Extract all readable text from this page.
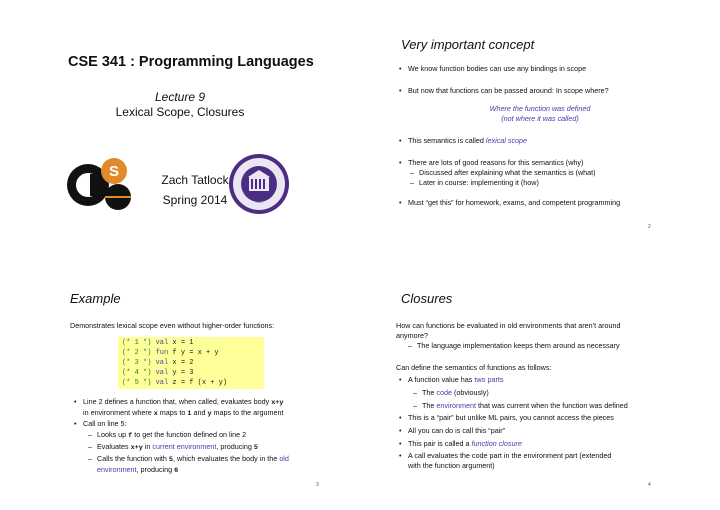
CSE 341 : Programming Languages
Lecture 9
Lexical Scope, Closures
S	Zach Tatlock
Spring 2014	1861
Very important concept
• We know function bodies can use any bindings in scope
• But now that functions can be passed around: In scope where?
Where the function was defined
(not where it was called)
• This semantics is called lexical scope
• There are lots of good reasons for this semantics (why)
– Discussed after explaining what the semantics is (what)
– Later in course: implementing it (how)
• Must “get this” for homework, exams, and competent programming
2
Example
Demonstrates lexical scope even without higher-order functions:
(* 1 *) val x = 1
(* 2 *) fun f y = x + y
(* 3 *) val x = 2
(* 4 *) val y = 3
(* 5 *) val z = f (x + y)
• Line 2 defines a function that, when called, evaluates body x+y
in environment where x maps to 1 and y maps to the argument
• Call on line 5:
– Looks up f to get the function defined on line 2
– Evaluates x+y in current environment, producing 5
– Calls the function with 5, which evaluates the body in the old
environment, producing 6
3
Closures
How can functions be evaluated in old environments that aren’t around
anymore?
– The language implementation keeps them around as necessary
Can define the semantics of functions as follows:
• A function value has two parts
– The code (obviously)
– The environment that was current when the function was defined
• This is a “pair” but unlike ML pairs, you cannot access the pieces
• All you can do is call this “pair”
• This pair is called a function closure
• A call evaluates the code part in the environment part (extended
with the function argument)
4
